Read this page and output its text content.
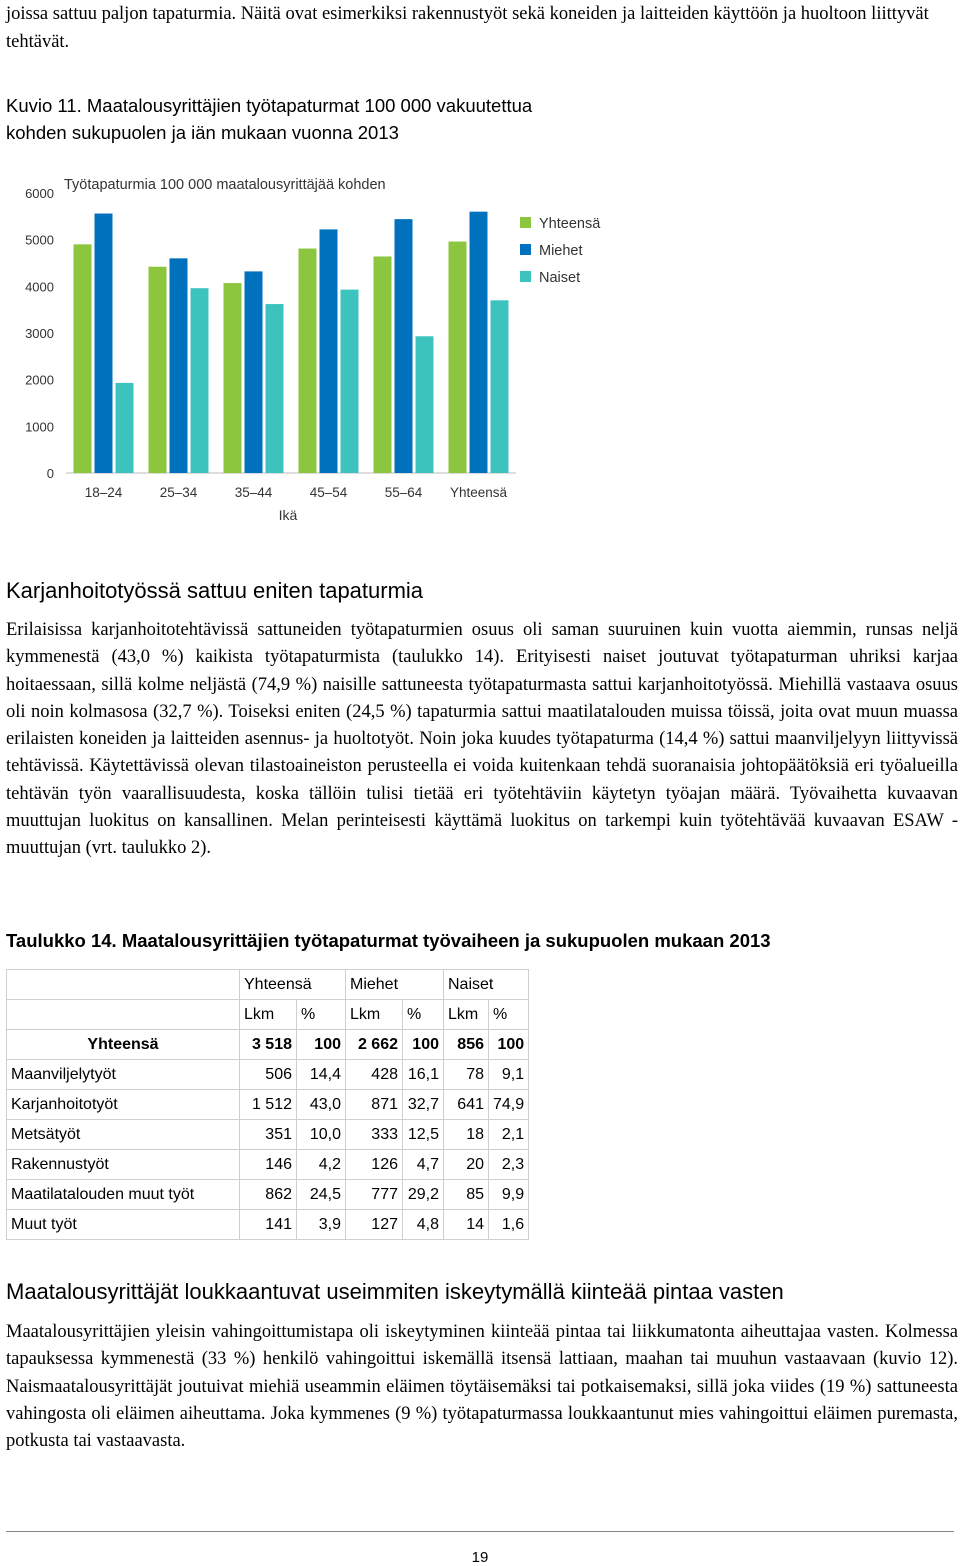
joissa sattuu paljon tapaturmia. Näitä ovat esimerkiksi rakennustyöt sekä koneiden ja laitteiden käyttöön ja huoltoon liittyvät tehtävät.
Kuvio 11. Maatalousyrittäjien työtapaturmat 100 000 vakuutettua
kohden sukupuolen ja iän mukaan vuonna 2013
0
1000
2000
3000
4000
5000
6000
18–24	25–34	35–44	45–54	55–64 Yhteensä
Työtapaturmia 100 000 maatalousyrittäjää kohden
Ikä
Yhteensä
Miehet
Naiset
Karjanhoitotyössä sattuu eniten tapaturmia

Erilaisissa karjanhoitotehtävissä sattuneiden työtapaturmien osuus oli saman suuruinen kuin vuotta aiemmin, runsas neljä kymmenestä (43,0 %) kaikista työtapaturmista (taulukko 14). Erityisesti naiset joutuvat työtapaturman uhriksi karjaa hoitaessaan, sillä kolme neljästä (74,9 %) naisille sattuneesta työtapaturmasta sattui karjanhoitotyössä. Miehillä vastaava osuus oli noin kolmasosa (32,7 %). Toiseksi eniten (24,5 %) tapaturmia sattui maatilatalouden muissa töissä, joita ovat muun muassa erilaisten koneiden ja laitteiden asennus- ja huoltotyöt. Noin joka kuudes työtapaturma (14,4 %) sattui maanviljelyyn liittyvissä tehtävissä. Käytettävissä olevan tilastoaineiston perusteella ei voida kuitenkaan tehdä suoranaisia johtopäätöksiä eri työalueilla tehtävän työn vaarallisuudesta, koska tällöin tulisi tietää eri työtehtäviin käytetyn työajan määrä. Työvaihetta kuvaavan muuttujan luokitus on kansallinen. Melan perinteisesti käyttämä luokitus on tarkempi kuin työtehtävää kuvaavan ESAW -muuttujan (vrt. taulukko 2).

Taulukko 14. Maatalousyrittäjien työtapaturmat työvaiheen ja sukupuolen mukaan 2013
	Yhteensä		Miehet		Naiset	
	Lkm	%	Lkm	%	Lkm	%
Yhteensä	3 518	100	2 662	100	856	100
Maanviljelytyöt	506	14,4	428	16,1	78	9,1
Karjanhoitotyöt	1 512	43,0	871	32,7	641	74,9
Metsätyöt	351	10,0	333	12,5	18	2,1
Rakennustyöt	146	4,2	126	4,7	20	2,3
Maatilatalouden muut työt	862	24,5	777	29,2	85	9,9
Muut työt	141	3,9	127	4,8	14	1,6
Maatalousyrittäjät loukkaantuvat useimmiten iskeytymällä kiinteää pintaa vasten

Maatalousyrittäjien yleisin vahingoittumistapa oli iskeytyminen kiinteää pintaa tai liikkumatonta aiheuttajaa vasten. Kolmessa tapauksessa kymmenestä (33 %) henkilö vahingoittui iskemällä itsensä lattiaan, maahan tai muuhun vastaavaan (kuvio 12). Naismaatalousyrittäjät joutuivat miehiä useammin eläimen töytäisemäksi tai potkaisemaksi, sillä joka viides (19 %) sattuneesta vahingosta oli eläimen aiheuttama. Joka kymmenes (9 %) työtapaturmassa loukkaantunut mies vahingoittui eläimen puremasta, potkusta tai vastaavasta.

19
